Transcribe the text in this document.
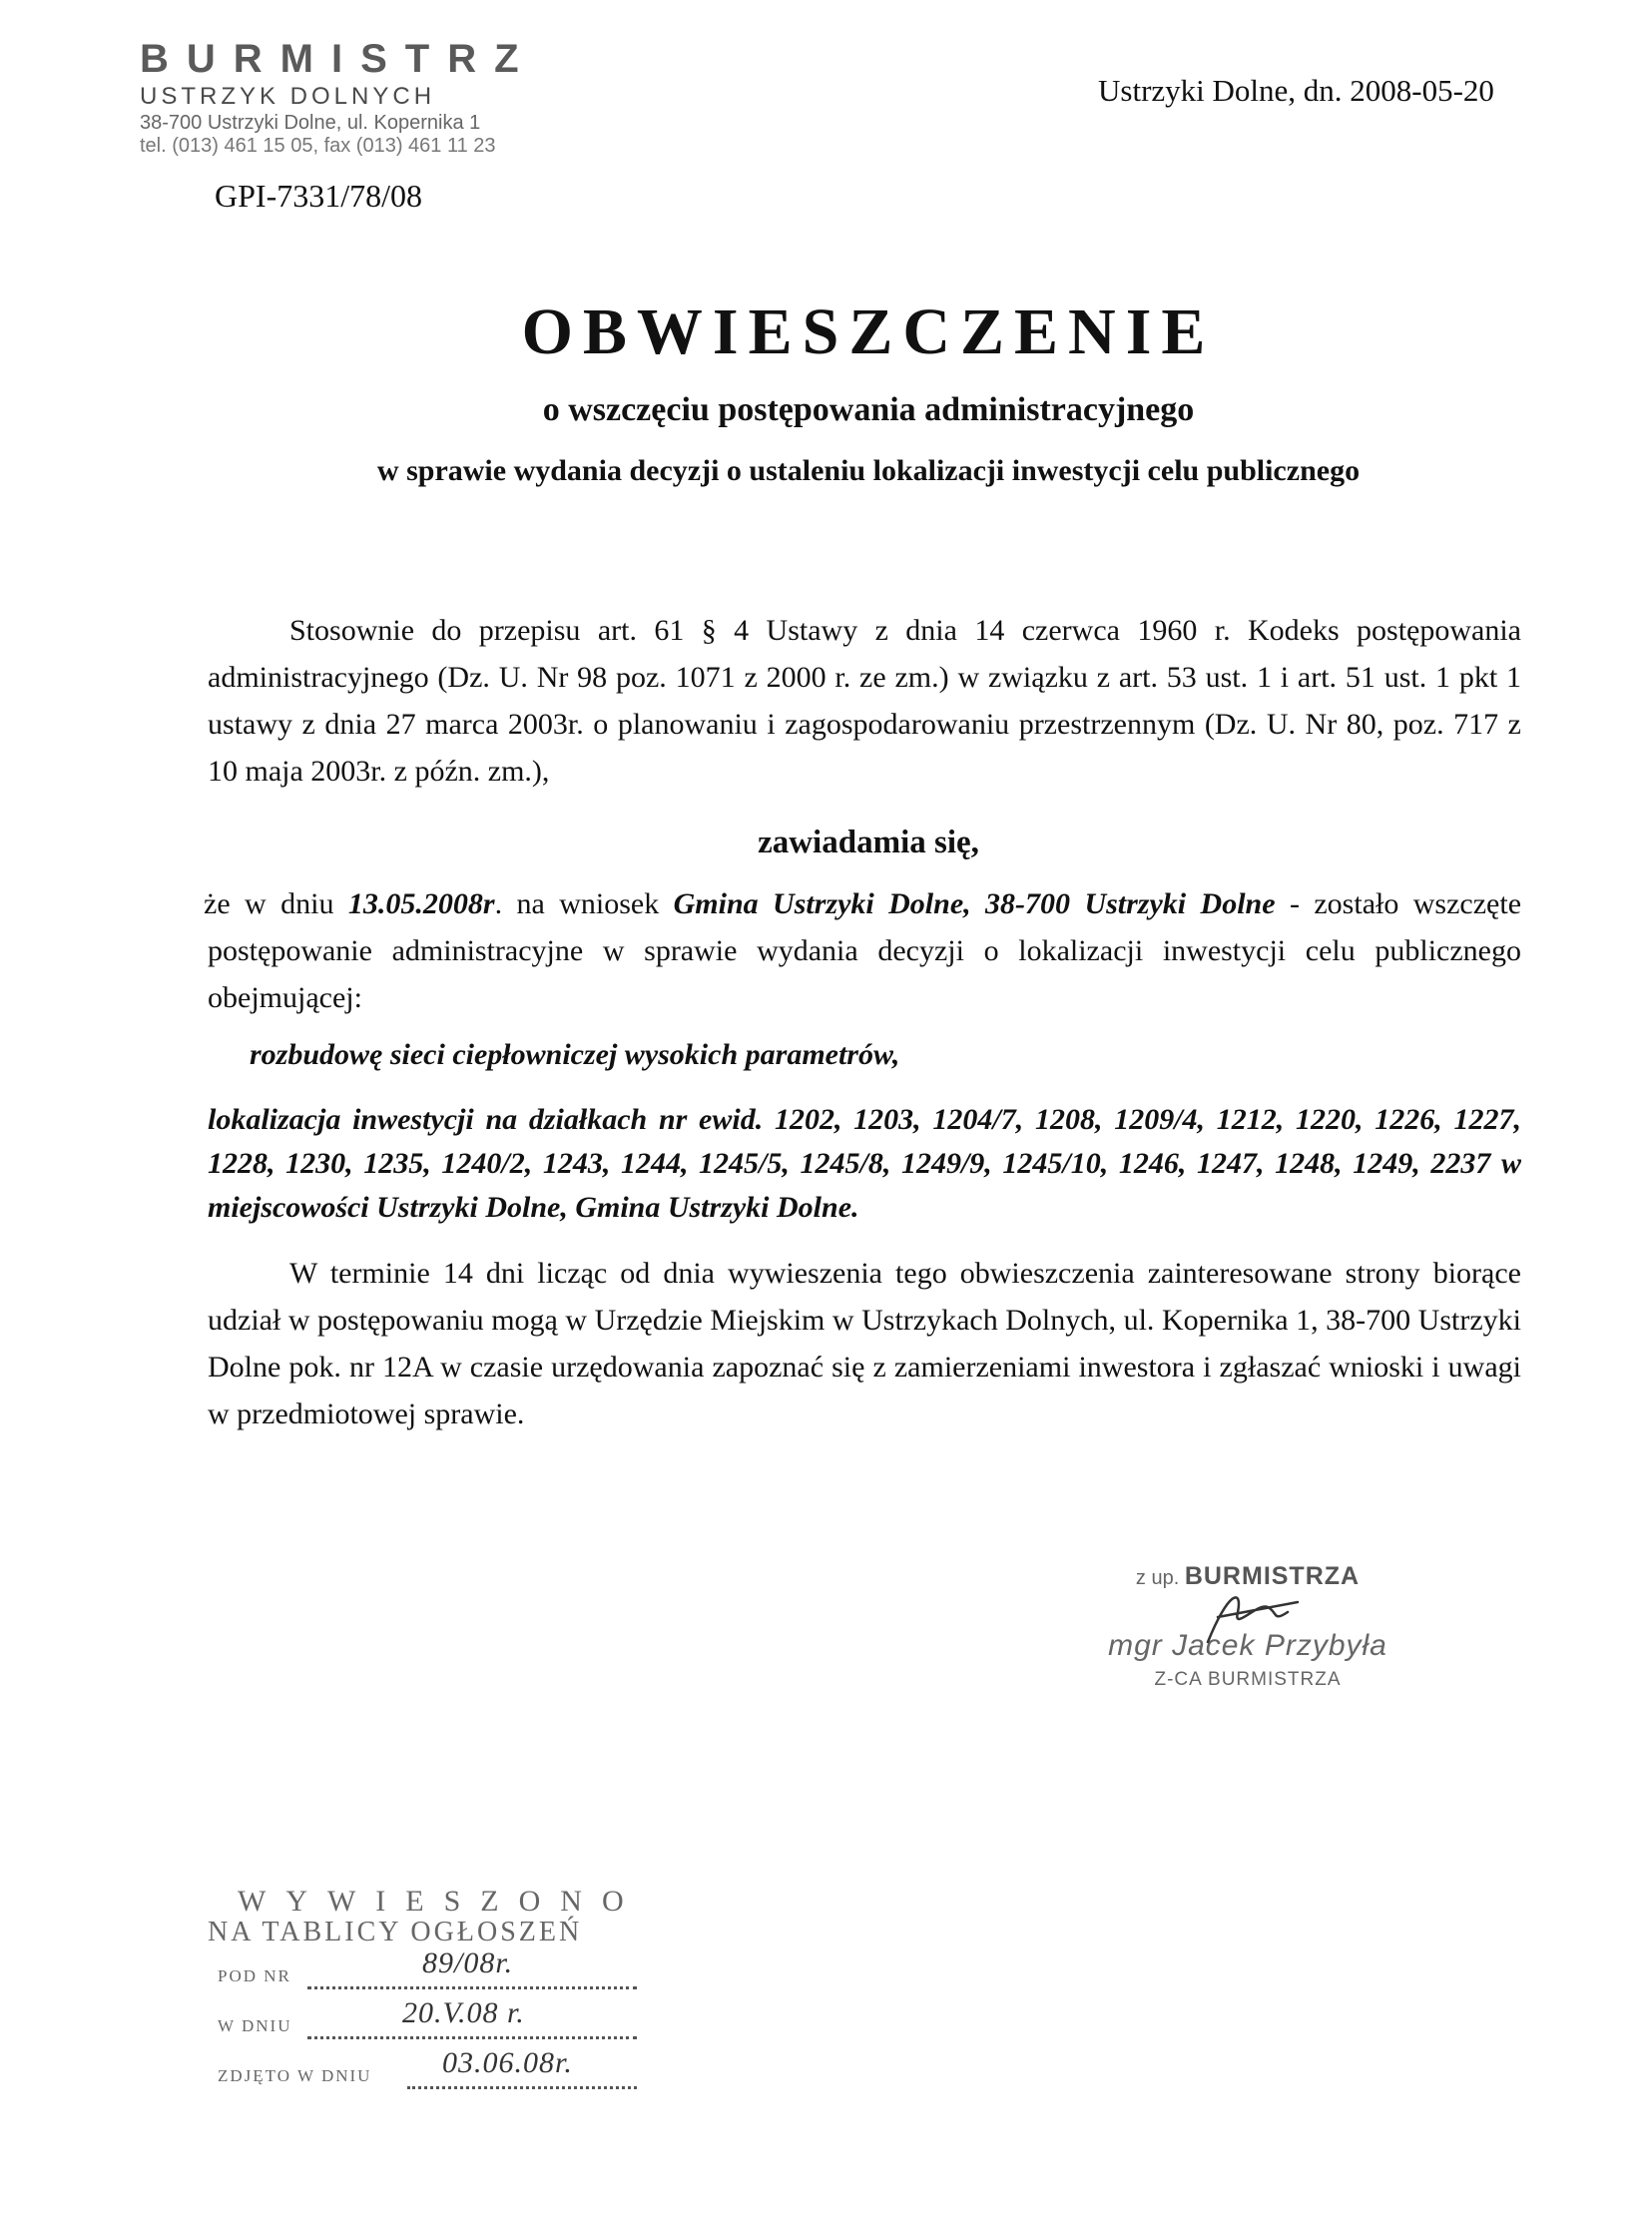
BURMISTRZ
USTRZYK DOLNYCH
38-700 Ustrzyki Dolne, ul. Kopernika 1
tel. (013) 461 15 05, fax (013) 461 11 23
GPI-7331/78/08
Ustrzyki Dolne, dn. 2008-05-20
OBWIESZCZENIE
o wszczęciu postępowania administracyjnego
w sprawie wydania decyzji o ustaleniu lokalizacji inwestycji celu publicznego
Stosownie do przepisu art. 61 § 4 Ustawy z dnia 14 czerwca 1960 r. Kodeks postępowania administracyjnego (Dz. U. Nr 98 poz. 1071 z 2000 r. ze zm.) w związku z art. 53 ust. 1 i art. 51 ust. 1 pkt 1 ustawy z dnia 27 marca 2003r. o planowaniu i zagospodarowaniu przestrzennym (Dz. U. Nr 80, poz. 717 z 10 maja 2003r. z późn. zm.),
zawiadamia się,
że w dniu 13.05.2008r. na wniosek Gmina Ustrzyki Dolne, 38-700 Ustrzyki Dolne - zostało wszczęte postępowanie administracyjne w sprawie wydania decyzji o lokalizacji inwestycji celu publicznego obejmującej:
rozbudowę sieci ciepłowniczej wysokich parametrów,
lokalizacja inwestycji na działkach nr ewid. 1202, 1203, 1204/7, 1208, 1209/4, 1212, 1220, 1226, 1227, 1228, 1230, 1235, 1240/2, 1243, 1244, 1245/5, 1245/8, 1249/9, 1245/10, 1246, 1247, 1248, 1249, 2237 w miejscowości Ustrzyki Dolne, Gmina Ustrzyki Dolne.
W terminie 14 dni licząc od dnia wywieszenia tego obwieszczenia zainteresowane strony biorące udział w postępowaniu mogą w Urzędzie Miejskim w Ustrzykach Dolnych, ul. Kopernika 1, 38-700 Ustrzyki Dolne pok. nr 12A w czasie urzędowania zapoznać się z zamierzeniami inwestora i zgłaszać wnioski i uwagi w przedmiotowej sprawie.
z up. BURMISTRZA
mgr Jacek Przybyła
Z-CA BURMISTRZA
WYWIESZONO
NA TABLICY OGŁOSZEŃ
POD NR	89/08r.
W DNIU	20.V.08 r.
ZDJĘTO W DNIU 03.06.08r.
